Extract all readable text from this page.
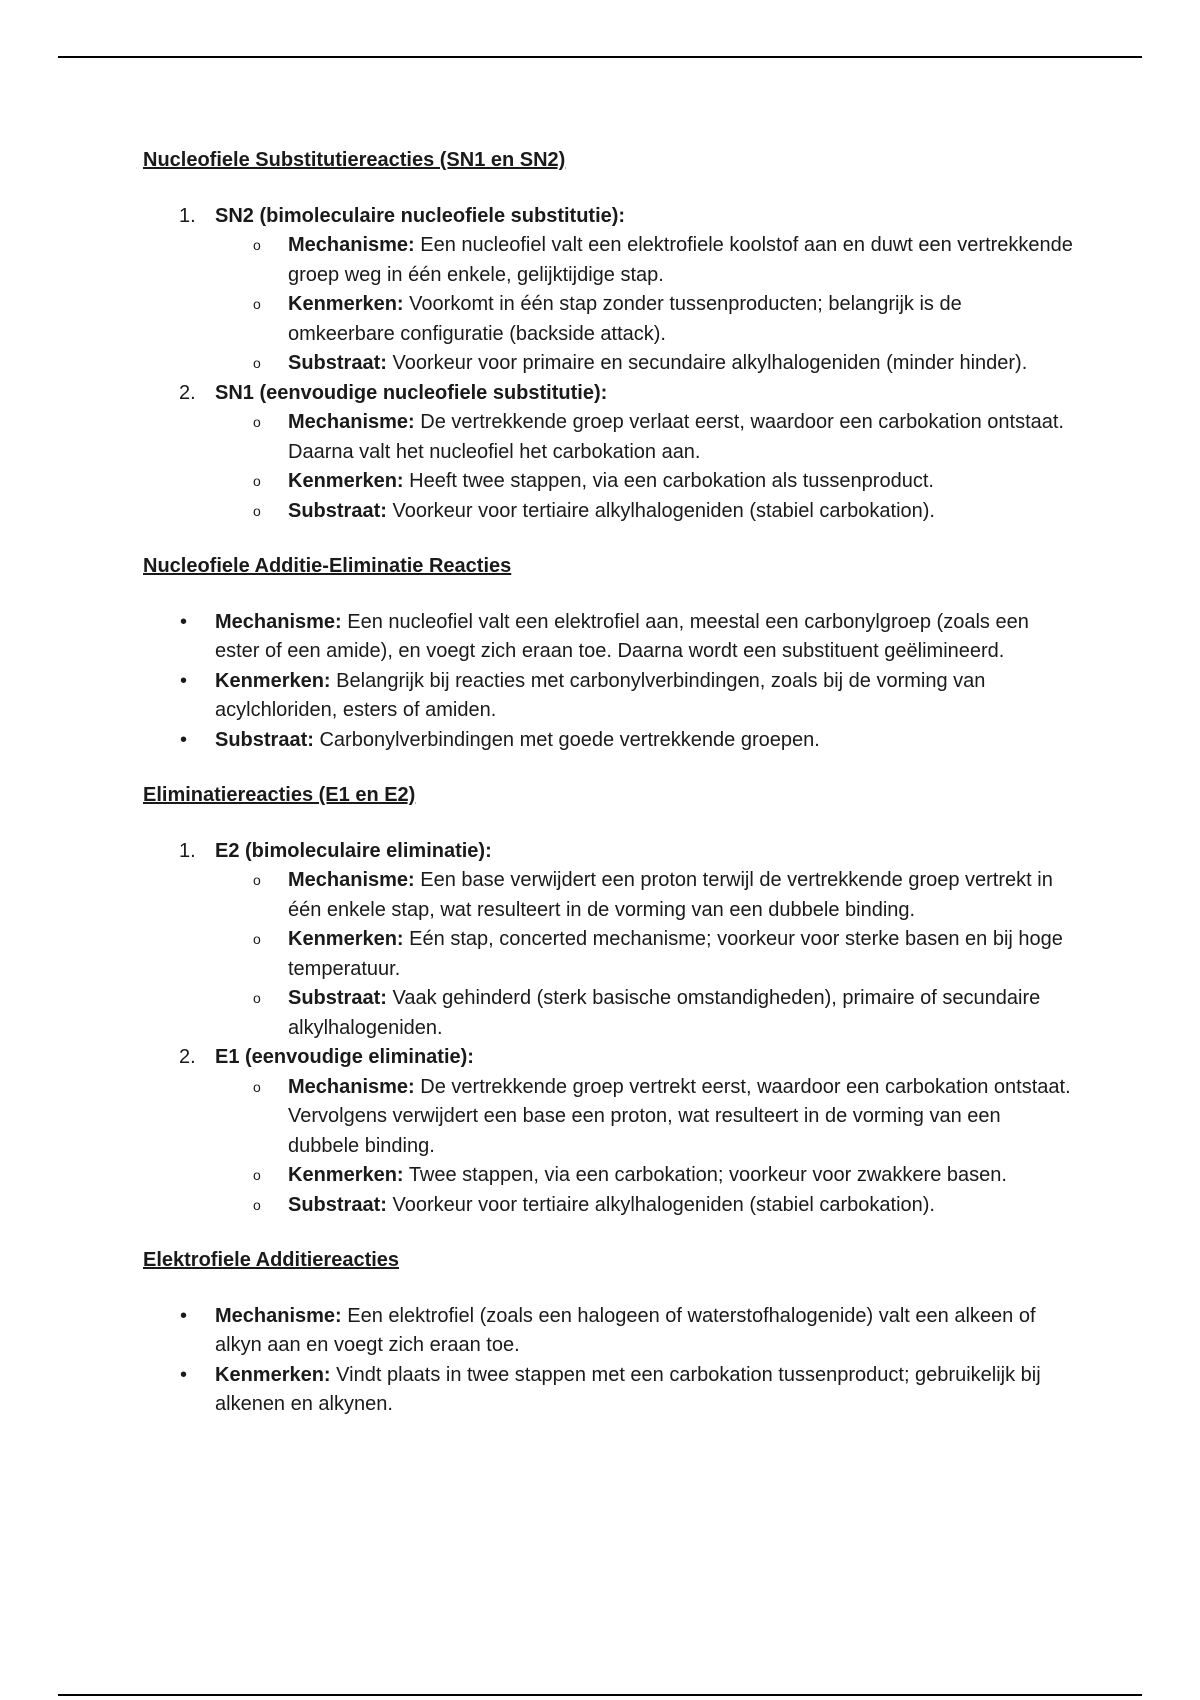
Nucleofiele Substitutiereacties (SN1 en SN2)

1. SN2 (bimoleculaire nucleofiele substitutie):
o Mechanisme: Een nucleofiel valt een elektrofiele koolstof aan en duwt een vertrekkende groep weg in één enkele, gelijktijdige stap.
o Kenmerken: Voorkomt in één stap zonder tussenproducten; belangrijk is de omkeerbare configuratie (backside attack).
o Substraat: Voorkeur voor primaire en secundaire alkylhalogeniden (minder hinder).
2. SN1 (eenvoudige nucleofiele substitutie):
o Mechanisme: De vertrekkende groep verlaat eerst, waardoor een carbokation ontstaat. Daarna valt het nucleofiel het carbokation aan.
o Kenmerken: Heeft twee stappen, via een carbokation als tussenproduct.
o Substraat: Voorkeur voor tertiaire alkylhalogeniden (stabiel carbokation).

Nucleofiele Additie-Eliminatie Reacties

• Mechanisme: Een nucleofiel valt een elektrofiel aan, meestal een carbonylgroep (zoals een ester of een amide), en voegt zich eraan toe. Daarna wordt een substituent geëlimineerd.
• Kenmerken: Belangrijk bij reacties met carbonylverbindingen, zoals bij de vorming van acylchloriden, esters of amiden.
• Substraat: Carbonylverbindingen met goede vertrekkende groepen.

Eliminatiereacties (E1 en E2)

1. E2 (bimoleculaire eliminatie):
o Mechanisme: Een base verwijdert een proton terwijl de vertrekkende groep vertrekt in één enkele stap, wat resulteert in de vorming van een dubbele binding.
o Kenmerken: Eén stap, concerted mechanisme; voorkeur voor sterke basen en bij hoge temperatuur.
o Substraat: Vaak gehinderd (sterk basische omstandigheden), primaire of secundaire alkylhalogeniden.
2. E1 (eenvoudige eliminatie):
o Mechanisme: De vertrekkende groep vertrekt eerst, waardoor een carbokation ontstaat. Vervolgens verwijdert een base een proton, wat resulteert in de vorming van een dubbele binding.
o Kenmerken: Twee stappen, via een carbokation; voorkeur voor zwakkere basen.
o Substraat: Voorkeur voor tertiaire alkylhalogeniden (stabiel carbokation).

Elektrofiele Additiereacties

• Mechanisme: Een elektrofiel (zoals een halogeen of waterstofhalogenide) valt een alkeen of alkyn aan en voegt zich eraan toe.
• Kenmerken: Vindt plaats in twee stappen met een carbokation tussenproduct; gebruikelijk bij alkenen en alkynen.
